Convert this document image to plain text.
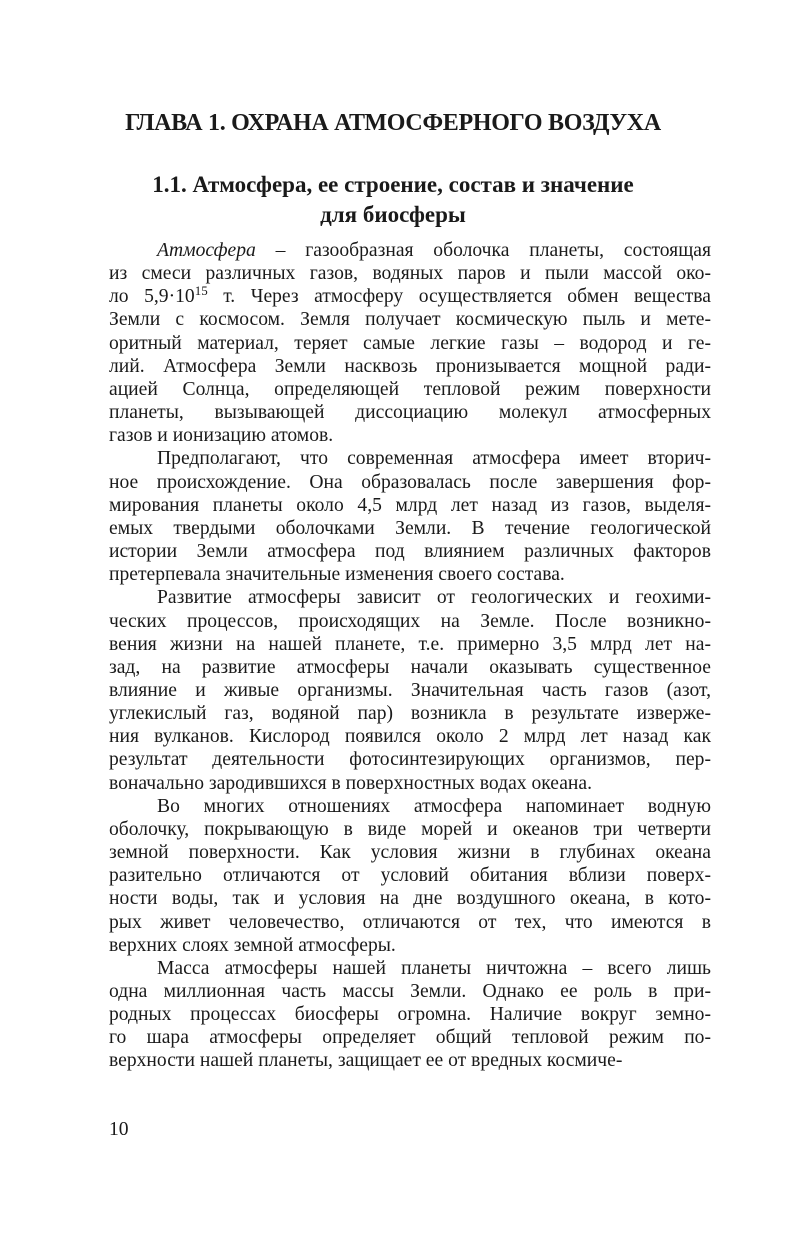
ГЛАВА 1. ОХРАНА АТМОСФЕРНОГО ВОЗДУХА
1.1. Атмосфера, ее строение, состав и значение
для биосферы

Атмосфера – газообразная оболочка планеты, состоящая
из смеси различных газов, водяных паров и пыли массой око-
ло $5,9\cdot 10^{15}$ т. Через атмосферу осуществляется обмен вещества
Земли с космосом. Земля получает космическую пыль и мете-
оритный материал, теряет самые легкие газы – водород и ге-
лий. Атмосфера Земли насквозь пронизывается мощной ради-
ацией Солнца, определяющей тепловой режим поверхности
планеты, вызывающей диссоциацию молекул атмосферных
газов и ионизацию атомов.

Предполагают, что современная атмосфера имеет вторич-
ное происхождение. Она образовалась после завершения фор-
мирования планеты около 4,5 млрд лет назад из газов, выделя-
емых твердыми оболочками Земли. В течение геологической
истории Земли атмосфера под влиянием различных факторов
претерпевала значительные изменения своего состава.

Развитие атмосферы зависит от геологических и геохими-
ческих процессов, происходящих на Земле. После возникно-
вения жизни на нашей планете, т.е. примерно 3,5 млрд лет на-
зад, на развитие атмосферы начали оказывать существенное
влияние и живые организмы. Значительная часть газов (азот,
углекислый газ, водяной пар) возникла в результате изверже-
ния вулканов. Кислород появился около 2 млрд лет назад как
результат деятельности фотосинтезирующих организмов, пер-
воначально зародившихся в поверхностных водах океана.

Во многих отношениях атмосфера напоминает водную
оболочку, покрывающую в виде морей и океанов три четверти
земной поверхности. Как условия жизни в глубинах океана
разительно отличаются от условий обитания вблизи поверх-
ности воды, так и условия на дне воздушного океана, в кото-
рых живет человечество, отличаются от тех, что имеются в
верхних слоях земной атмосферы.

Масса атмосферы нашей планеты ничтожна – всего лишь
одна миллионная часть массы Земли. Однако ее роль в при-
родных процессах биосферы огромна. Наличие вокруг земно-
го шара атмосферы определяет общий тепловой режим по-
верхности нашей планеты, защищает ее от вредных космиче-

10
